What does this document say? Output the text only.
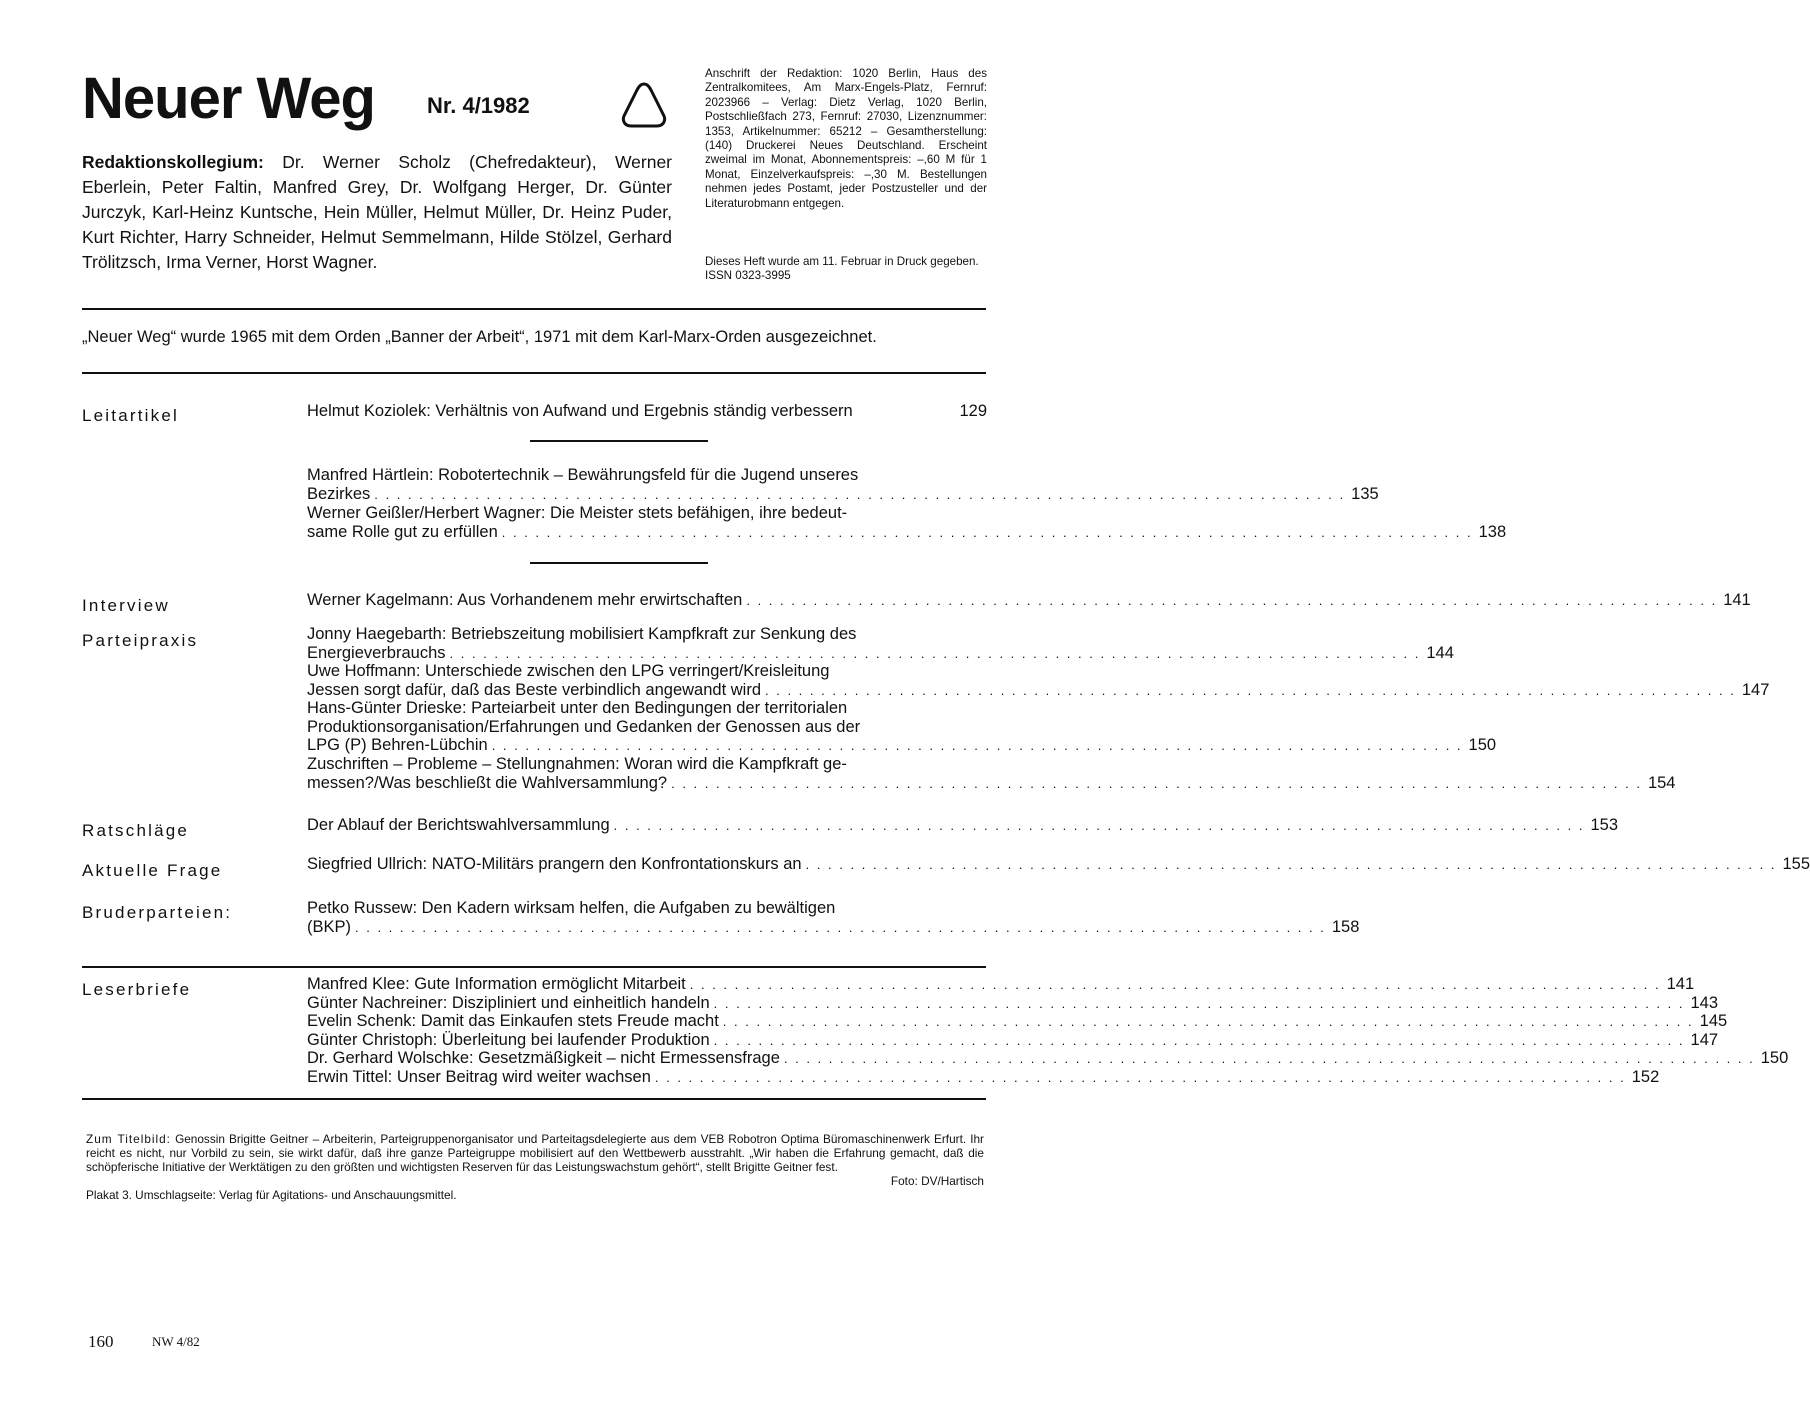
Neuer Weg Nr. 4/1982
Redaktionskollegium: Dr. Werner Scholz (Chefredakteur), Werner Eberlein, Peter Faltin, Manfred Grey, Dr. Wolfgang Herger, Dr. Günter Jurczyk, Karl-Heinz Kuntsche, Hein Müller, Helmut Müller, Dr. Heinz Puder, Kurt Richter, Harry Schneider, Helmut Semmelmann, Hilde Stölzel, Gerhard Trölitzsch, Irma Verner, Horst Wagner.
Anschrift der Redaktion: 1020 Berlin, Haus des Zentralkomitees, Am Marx-Engels-Platz, Fernruf: 2023966 – Verlag: Dietz Verlag, 1020 Berlin, Postschließfach 273, Fernruf: 27030, Lizenznummer: 1353, Artikelnummer: 65212 – Gesamtherstellung: (140) Druckerei Neues Deutschland. Erscheint zweimal im Monat, Abonnementspreis: –,60 M für 1 Monat, Einzelverkaufspreis: –,30 M. Bestellungen nehmen jedes Postamt, jeder Postzusteller und der Literaturobmann entgegen.
Dieses Heft wurde am 11. Februar in Druck gegeben. ISSN 0323-3995
„Neuer Weg“ wurde 1965 mit dem Orden „Banner der Arbeit“, 1971 mit dem Karl-Marx-Orden ausgezeichnet.
Leitartikel
Interview
Parteipraxis
Ratschläge
Aktuelle Frage
Bruderparteien:
Leserbriefe
Helmut Koziolek: Verhältnis von Aufwand und Ergebnis ständig verbessern	129
Manfred Härtlein: Robotertechnik – Bewährungsfeld für die Jugend unseres
Bezirkes . . . . . . . . . . . . . . . . . . . . . . . . . . . . . . . . . . . . . . . . . . . . . . . . . . . . . . . . . . . . . . . . . . . . . . . . . . . . . . . . . . . . . . . 135
Werner Geißler/Herbert Wagner: Die Meister stets befähigen, ihre bedeut-
same Rolle gut zu erfüllen . . . . . . . . . . . . . . . . . . . . . . . . . . . . . . . . . . . . . . . . . . . . . . . . . . . . . . . . . . . . . . . . . . . . . . . . . . . . . . . . . . . . . . . 138
Werner Kagelmann: Aus Vorhandenem mehr erwirtschaften . . . . . . . . . . . . . . . . . . . . . . . . . . . . . . . . . . . . . . . . . . . . . . . . . . . . . . . . . . . . . . . . . . . . . . . . . . . . . . . . . . . . . . . 141
Jonny Haegebarth: Betriebszeitung mobilisiert Kampfkraft zur Senkung des
Energieverbrauchs . . . . . . . . . . . . . . . . . . . . . . . . . . . . . . . . . . . . . . . . . . . . . . . . . . . . . . . . . . . . . . . . . . . . . . . . . . . . . . . . . . . . . . . 144
Uwe Hoffmann: Unterschiede zwischen den LPG verringert/Kreisleitung
Jessen sorgt dafür, daß das Beste verbindlich angewandt wird . . . . . . . . . . . . . . . . . . . . . . . . . . . . . . . . . . . . . . . . . . . . . . . . . . . . . . . . . . . . . . . . . . . . . . . . . . . . . . . . . . . . . . . 147
Hans-Günter Drieske: Parteiarbeit unter den Bedingungen der territorialen
Produktionsorganisation/Erfahrungen und Gedanken der Genossen aus der
LPG (P) Behren-Lübchin . . . . . . . . . . . . . . . . . . . . . . . . . . . . . . . . . . . . . . . . . . . . . . . . . . . . . . . . . . . . . . . . . . . . . . . . . . . . . . . . . . . . . . . 150
Zuschriften – Probleme – Stellungnahmen: Woran wird die Kampfkraft ge-
messen?/Was beschließt die Wahlversammlung? . . . . . . . . . . . . . . . . . . . . . . . . . . . . . . . . . . . . . . . . . . . . . . . . . . . . . . . . . . . . . . . . . . . . . . . . . . . . . . . . . . . . . . . 154
Der Ablauf der Berichtswahlversammlung . . . . . . . . . . . . . . . . . . . . . . . . . . . . . . . . . . . . . . . . . . . . . . . . . . . . . . . . . . . . . . . . . . . . . . . . . . . . . . . . . . . . . . . 153
Siegfried Ullrich: NATO-Militärs prangern den Konfrontationskurs an . . . . . . . . . . . . . . . . . . . . . . . . . . . . . . . . . . . . . . . . . . . . . . . . . . . . . . . . . . . . . . . . . . . . . . . . . . . . . . . . . . . . . . . 155
Petko Russew: Den Kadern wirksam helfen, die Aufgaben zu bewältigen
(BKP) . . . . . . . . . . . . . . . . . . . . . . . . . . . . . . . . . . . . . . . . . . . . . . . . . . . . . . . . . . . . . . . . . . . . . . . . . . . . . . . . . . . . . . . 158
Manfred Klee: Gute Information ermöglicht Mitarbeit . . . . . . . . . . . . . . . . . . . . . . . . . . . . . . . . . . . . . . . . . . . . . . . . . . . . . . . . . . . . . . . . . . . . . . . . . . . . . . . . . . . . . . . 141
Günter Nachreiner: Diszipliniert und einheitlich handeln . . . . . . . . . . . . . . . . . . . . . . . . . . . . . . . . . . . . . . . . . . . . . . . . . . . . . . . . . . . . . . . . . . . . . . . . . . . . . . . . . . . . . . . 143
Evelin Schenk: Damit das Einkaufen stets Freude macht . . . . . . . . . . . . . . . . . . . . . . . . . . . . . . . . . . . . . . . . . . . . . . . . . . . . . . . . . . . . . . . . . . . . . . . . . . . . . . . . . . . . . . . 145
Günter Christoph: Überleitung bei laufender Produktion . . . . . . . . . . . . . . . . . . . . . . . . . . . . . . . . . . . . . . . . . . . . . . . . . . . . . . . . . . . . . . . . . . . . . . . . . . . . . . . . . . . . . . . 147
Dr. Gerhard Wolschke: Gesetzmäßigkeit – nicht Ermessensfrage . . . . . . . . . . . . . . . . . . . . . . . . . . . . . . . . . . . . . . . . . . . . . . . . . . . . . . . . . . . . . . . . . . . . . . . . . . . . . . . . . . . . . . . 150
Erwin Tittel: Unser Beitrag wird weiter wachsen . . . . . . . . . . . . . . . . . . . . . . . . . . . . . . . . . . . . . . . . . . . . . . . . . . . . . . . . . . . . . . . . . . . . . . . . . . . . . . . . . . . . . . . 152
Zum Titelbild: Genossin Brigitte Geitner – Arbeiterin, Parteigruppenorganisator und Parteitagsdelegierte aus dem VEB Robotron Optima Büromaschinenwerk Erfurt. Ihr reicht es nicht, nur Vorbild zu sein, sie wirkt dafür, daß ihre ganze Parteigruppe mobilisiert auf den Wettbewerb ausstrahlt. „Wir haben die Erfahrung gemacht, daß die schöpferische Initiative der Werktätigen zu den größten und wichtigsten Reserven für das Leistungswachstum gehört“, stellt Brigitte Geitner fest.
Foto: DV/Hartisch
Plakat 3. Umschlagseite: Verlag für Agitations- und Anschauungsmittel.
160	NW 4/82
